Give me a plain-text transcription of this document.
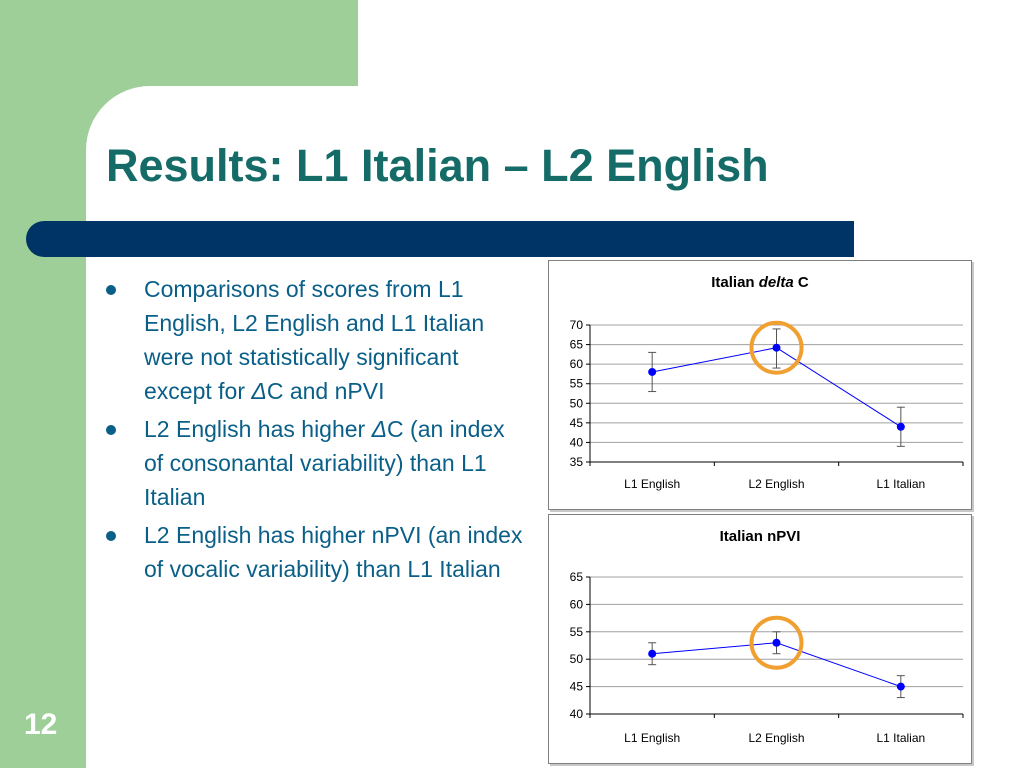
Results: L1 Italian – L2 English
Comparisons of scores from L1 English, L2 English and L1 Italian were not statistically significant except for ΔC and nPVI
L2 English has higher ΔC (an index of consonantal variability) than L1 Italian
L2 English has higher nPVI (an index of vocalic variability) than L1 Italian
Italian delta C
35
40
45
50
55
60
65
70
L1 English	L2 English	L1 Italian
Italian nPVI
40
45
50
55
60
65
L1 English	L2 English	L1 Italian
12
